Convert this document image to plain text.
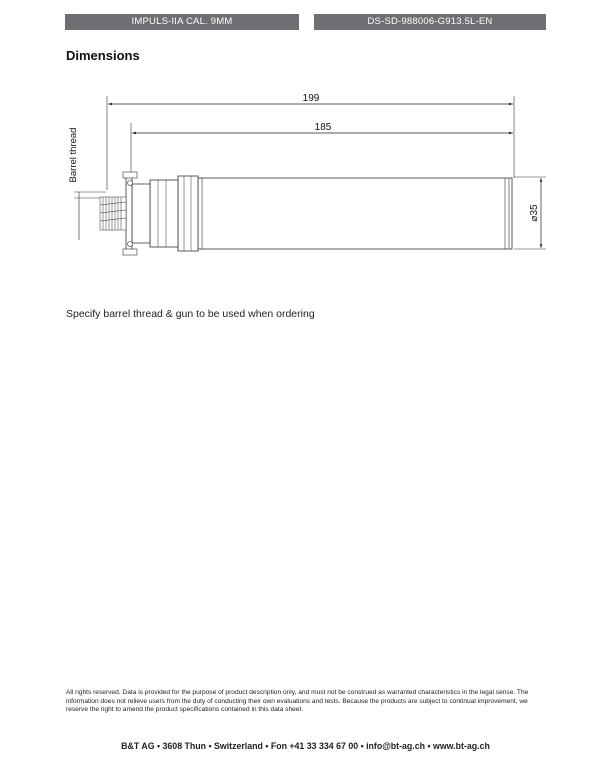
IMPULS-IIA CAL. 9MM	DS-SD-988006-G913.5L-EN
Dimensions
199
185
⌀35
Barrel thread
Specify barrel thread & gun to be used when ordering
All rights reserved. Data is provided for the purpose of product description only, and must not be construed as warranted characteristics in the legal sense. The information does not relieve users from the duty of conducting their own evaluations and tests. Because the products are subject to continual improvement, we reserve the right to amend the product specifications contained in this data sheet.
B&T AG • 3608 Thun • Switzerland • Fon +41 33 334 67 00 • info@bt-ag.ch • www.bt-ag.ch
